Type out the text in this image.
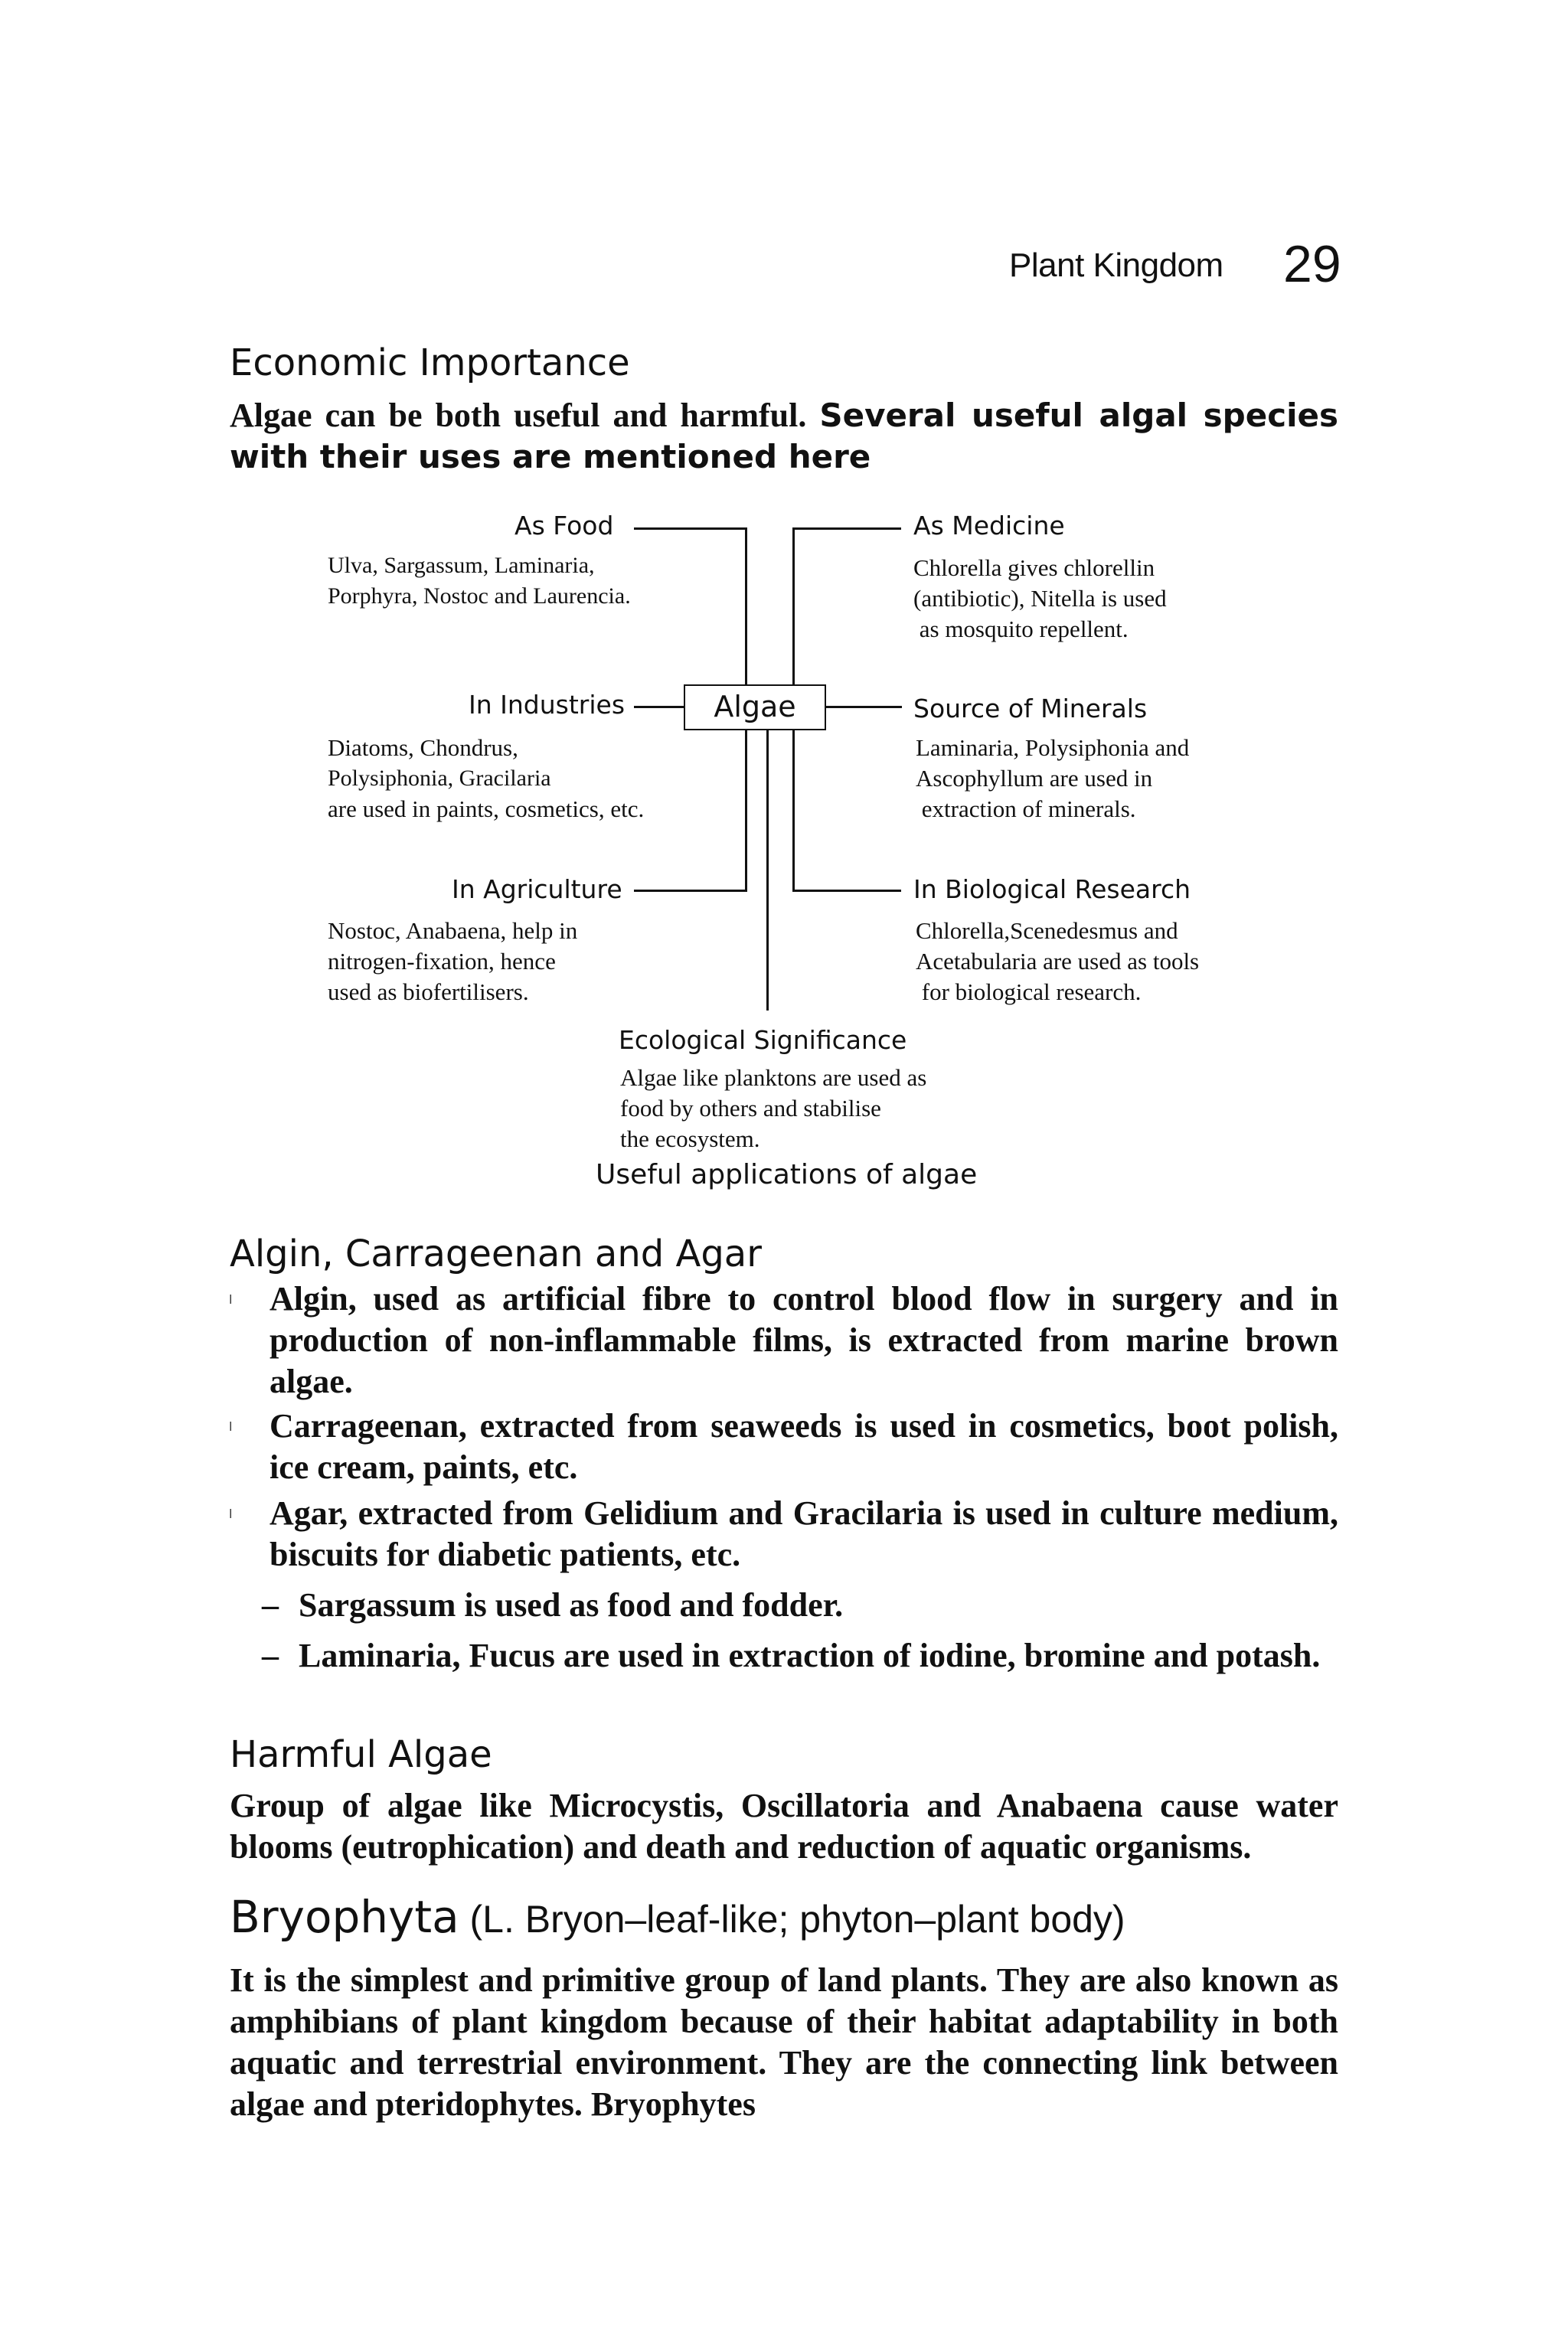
Plant Kingdom 29
Economic Importance
Algae can be both useful and harmful. Several useful algal species with their uses are mentioned here
Algae
As Food
Ulva, Sargassum, Laminaria,
Porphyra, Nostoc and Laurencia.
As Medicine
Chlorella gives chlorellin
(antibiotic), Nitella is used
as mosquito repellent.
In Industries
Diatoms, Chondrus,
Polysiphonia, Gracilaria
are used in paints, cosmetics, etc.
Source of Minerals
Laminaria, Polysiphonia and
Ascophyllum are used in
extraction of minerals.
In Agriculture
Nostoc, Anabaena, help in
nitrogen-fixation, hence
used as biofertilisers.
In Biological Research
Chlorella,Scenedesmus and
Acetabularia are used as tools
for biological research.
Ecological Significance
Algae like planktons are used as
food by others and stabilise
the ecosystem.
Useful applications of algae
Algin, Carrageenan and Agar
l Algin, used as artificial fibre to control blood flow in surgery and in production of non-inflammable films, is extracted from marine brown algae.
l Carrageenan, extracted from seaweeds is used in cosmetics, boot polish, ice cream, paints, etc.
l Agar, extracted from Gelidium and Gracilaria is used in culture medium, biscuits for diabetic patients, etc.
– Sargassum is used as food and fodder.
– Laminaria, Fucus are used in extraction of iodine, bromine and potash.
Harmful Algae
Group of algae like Microcystis, Oscillatoria and Anabaena cause water blooms (eutrophication) and death and reduction of aquatic organisms.
Bryophyta (L. Bryon–leaf-like; phyton–plant body)
It is the simplest and primitive group of land plants. They are also known as amphibians of plant kingdom because of their habitat adaptability in both aquatic and terrestrial environment. They are the connecting link between algae and pteridophytes. Bryophytes
